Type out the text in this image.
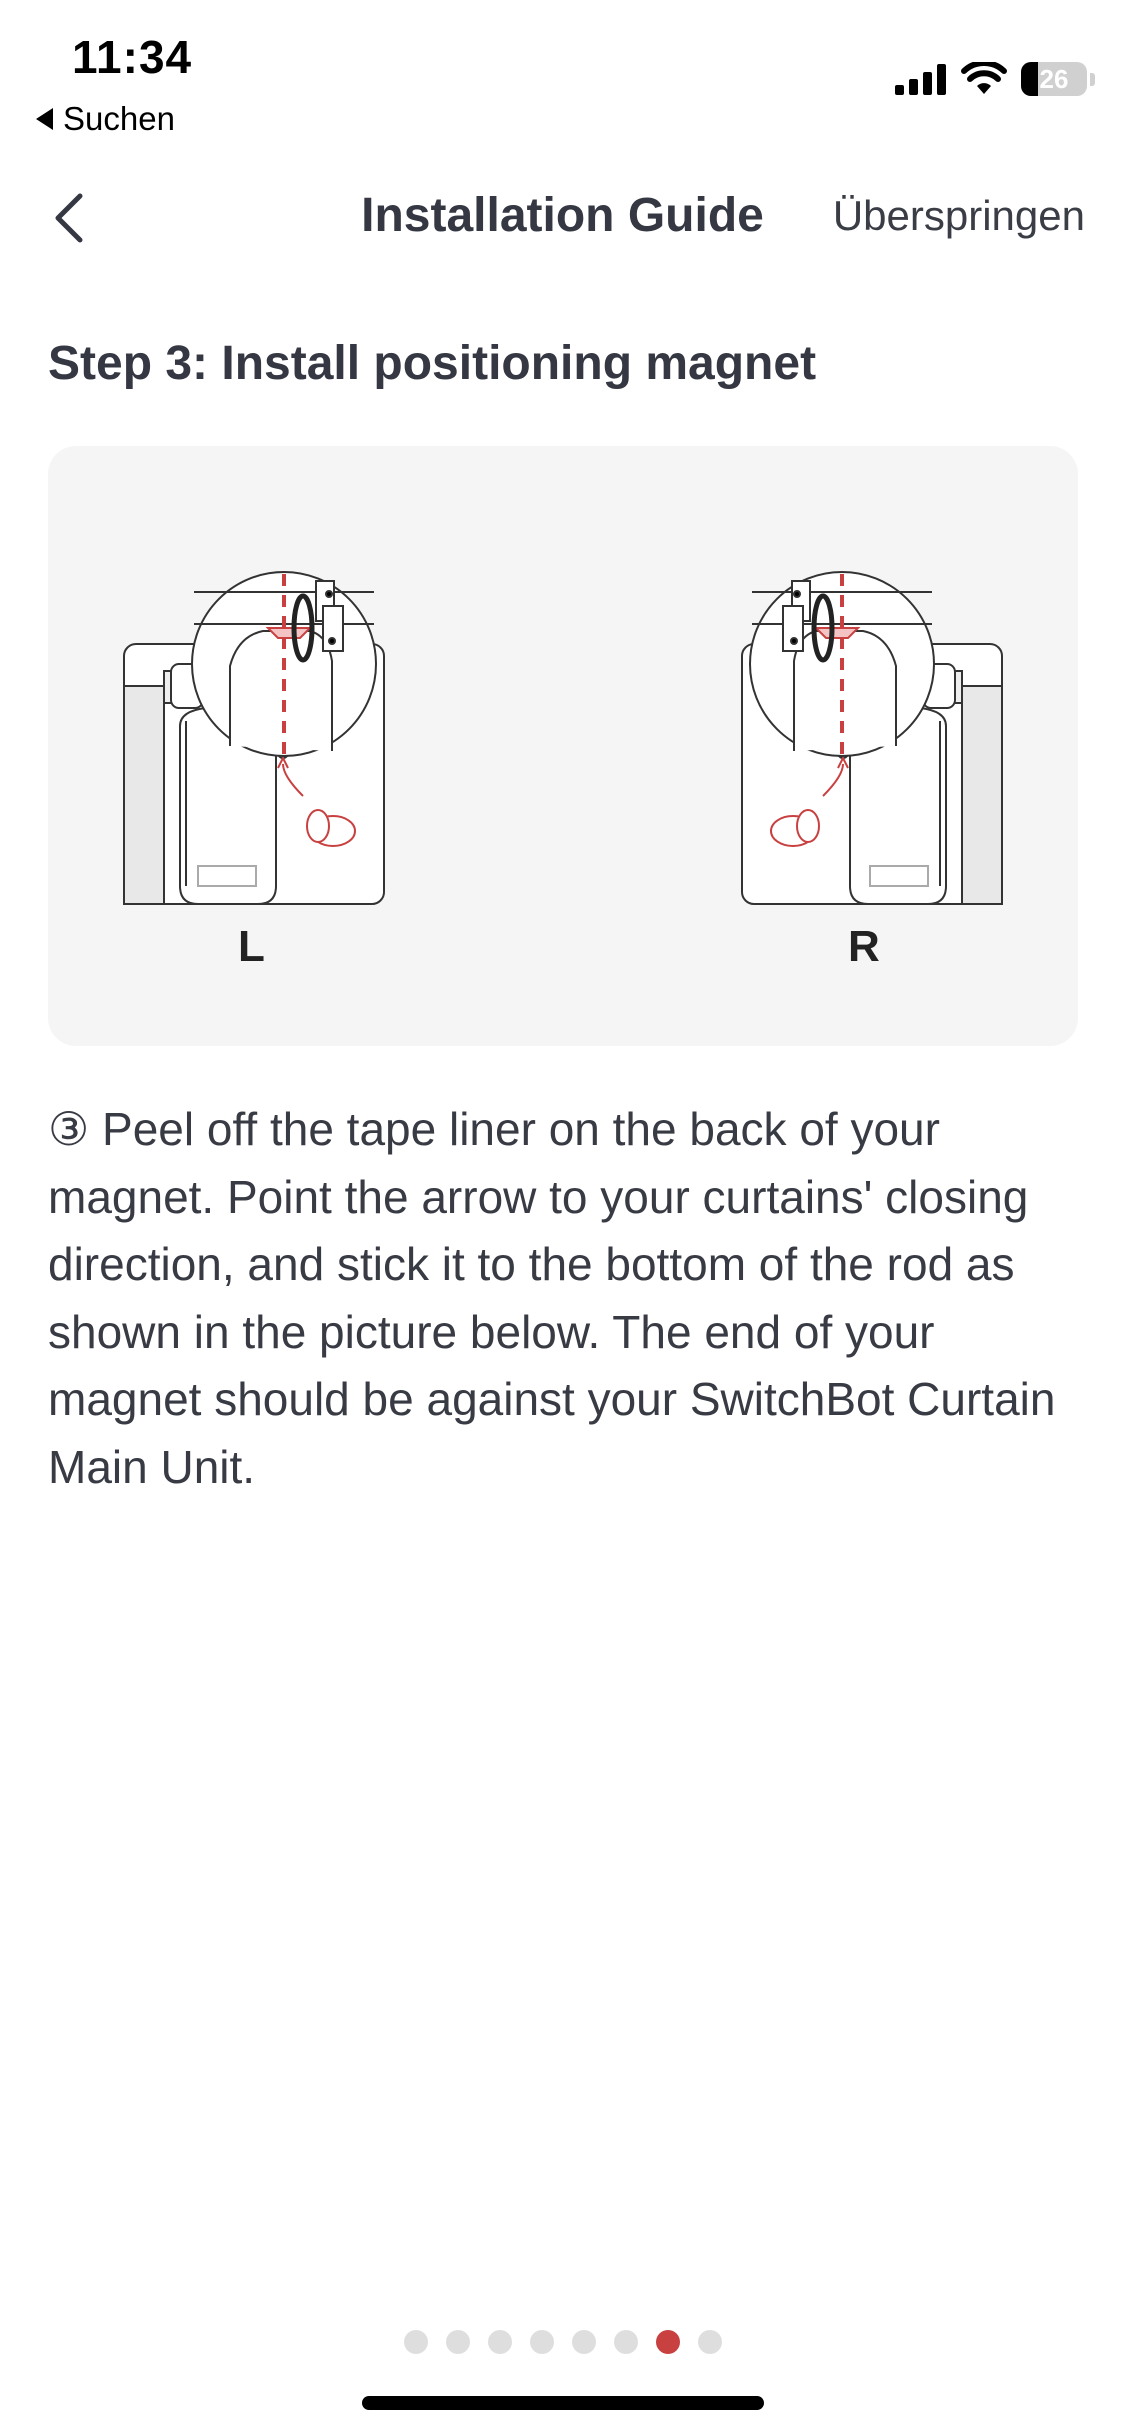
11:34
Suchen
26
Installation Guide	Überspringen
Step 3: Install positioning magnet
L	R
③ Peel off the tape liner on the back of your magnet. Point the arrow to your curtains' closing direction, and stick it to the bottom of the rod as shown in the picture below. The end of your magnet should be against your SwitchBot Curtain Main Unit.
